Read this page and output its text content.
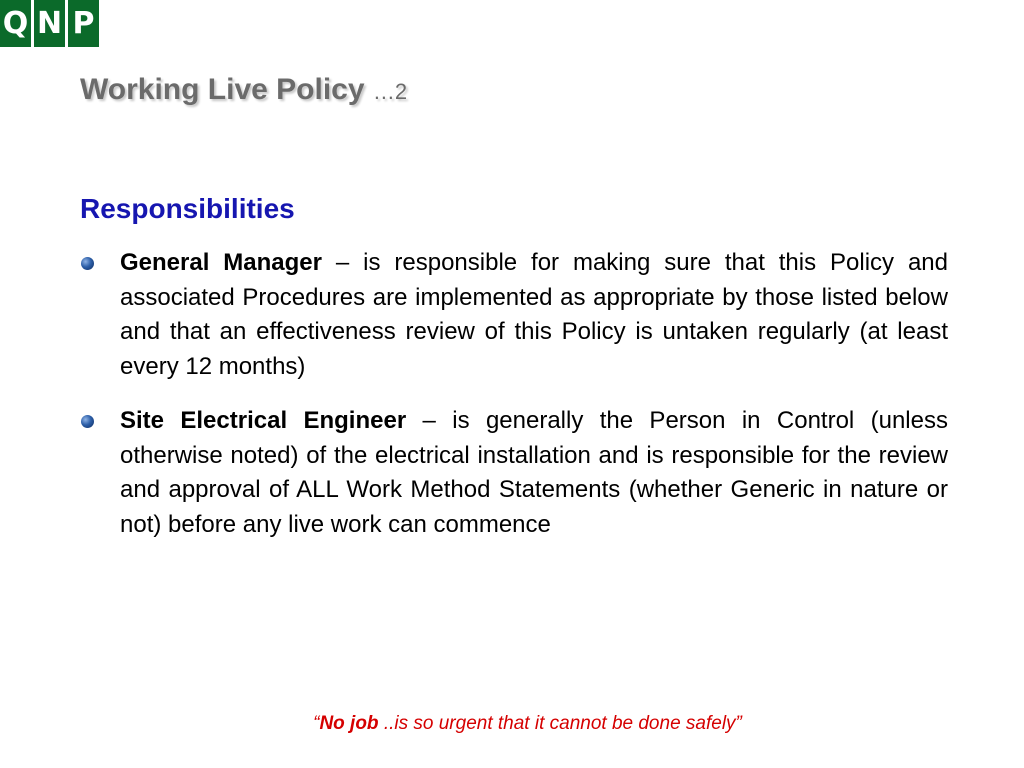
Q N P
Working Live Policy …2
Responsibilities
General Manager – is responsible for making sure that this Policy and associated Procedures are implemented as appropriate by those listed below and that an effectiveness review of this Policy is untaken regularly (at least every 12 months)
Site Electrical Engineer – is generally the Person in Control (unless otherwise noted) of the electrical installation and is responsible for the review and approval of ALL Work Method Statements (whether Generic in nature or not) before any live work can commence
“No job ..is so urgent that it cannot be done safely”
